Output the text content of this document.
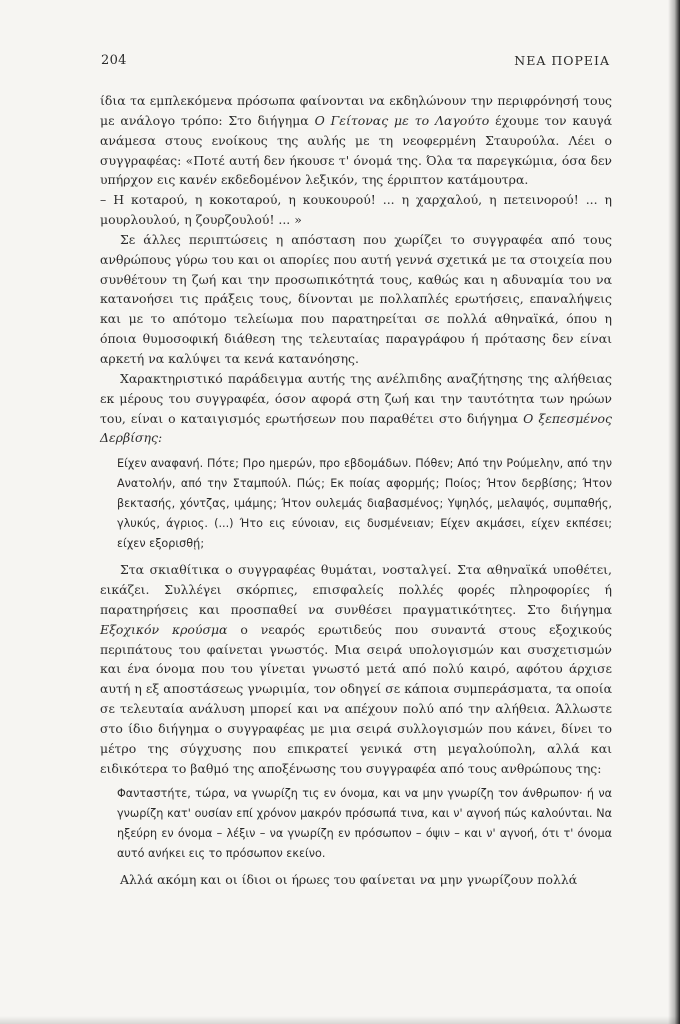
204	ΝΕΑ ΠΟΡΕΙΑ

ίδια τα εμπλεκόμενα πρόσωπα φαίνονται να εκδηλώνουν την περιφρόνησή τους με ανάλογο τρόπο: Στο διήγημα Ο Γείτονας με το Λαγούτο έχουμε τον καυγά ανάμεσα στους ενοίκους της αυλής με τη νεοφερμένη Σταυρούλα. Λέει ο συγγραφέας: «Ποτέ αυτή δεν ήκουσε τ' όνομά της. Όλα τα παρεγκώμια, όσα δεν υπήρχον εις κανέν εκδεδομένον λεξικόν, της έρριπτον κατάμουτρα.

– Η κοταρού, η κοκοταρού, η κουκουρού! ... η χαρχαλού, η πετεινορού! ... η μουρλουλού, η ζουρζουλού! ... »

Σε άλλες περιπτώσεις η απόσταση που χωρίζει το συγγραφέα από τους ανθρώπους γύρω του και οι απορίες που αυτή γεννά σχετικά με τα στοιχεία που συνθέτουν τη ζωή και την προσωπικότητά τους, καθώς και η αδυναμία του να κατανοήσει τις πράξεις τους, δίνονται με πολλαπλές ερωτήσεις, επαναλήψεις και με το απότομο τελείωμα που παρατηρείται σε πολλά αθηναϊκά, όπου η όποια θυμοσοφική διάθεση της τελευταίας παραγράφου ή πρότασης δεν είναι αρκετή να καλύψει τα κενά κατανόησης.

Χαρακτηριστικό παράδειγμα αυτής της ανέλπιδης αναζήτησης της αλήθειας εκ μέρους του συγγραφέα, όσον αφορά στη ζωή και την ταυτότητα των ηρώων του, είναι ο καταιγισμός ερωτήσεων που παραθέτει στο διήγημα Ο ξεπεσμένος Δερβίσης:

Είχεν αναφανή. Πότε; Προ ημερών, προ εβδομάδων. Πόθεν; Από την Ρούμελην, από την Ανατολήν, από την Σταμπούλ. Πώς; Εκ ποίας αφορμής; Ποίος; Ήτον δερβίσης; Ήτον βεκτασής, χόντζας, ιμάμης; Ήτον ουλεμάς διαβασμένος; Υψηλός, μελαψός, συμπαθής, γλυκύς, άγριος. (...) Ήτο εις εύνοιαν, εις δυσμένειαν; Είχεν ακμάσει, είχεν εκπέσει; είχεν εξορισθῄ;

Στα σκιαθίτικα ο συγγραφέας θυμάται, νοσταλγεί. Στα αθηναϊκά υποθέτει, εικάζει. Συλλέγει σκόρπιες, επισφαλείς πολλές φορές πληροφορίες ή παρατηρήσεις και προσπαθεί να συνθέσει πραγματικότητες. Στο διήγημα Εξοχικόν κρούσμα ο νεαρός ερωτιδεύς που συναντά στους εξοχικούς περιπάτους του φαίνεται γνωστός. Μια σειρά υπολογισμών και συσχετισμών και ένα όνομα που του γίνεται γνωστό μετά από πολύ καιρό, αφότου άρχισε αυτή η εξ αποστάσεως γνωριμία, τον οδηγεί σε κάποια συμπεράσματα, τα οποία σε τελευταία ανάλυση μπορεί και να απέχουν πολύ από την αλήθεια. Άλλωστε στο ίδιο διήγημα ο συγγραφέας με μια σειρά συλλογισμών που κάνει, δίνει το μέτρο της σύγχυσης που επικρατεί γενικά στη μεγαλούπολη, αλλά και ειδικότερα το βαθμό της αποξένωσης του συγγραφέα από τους ανθρώπους της:

Φανταστήτε, τώρα, να γνωρίζη τις εν όνομα, και να μην γνωρίζη τον άνθρωπον· ή να γνωρίζη κατ' ουσίαν επί χρόνον μακρόν πρόσωπά τινα, και ν' αγνοή πώς καλούνται. Να ηξεύρη εν όνομα – λέξιν – να γνωρίζη εν πρόσωπον – όψιν – και ν' αγνοή, ότι τ' όνομα αυτό ανήκει εις το πρόσωπον εκείνο.

Αλλά ακόμη και οι ίδιοι οι ήρωες του φαίνεται να μην γνωρίζουν πολλά
